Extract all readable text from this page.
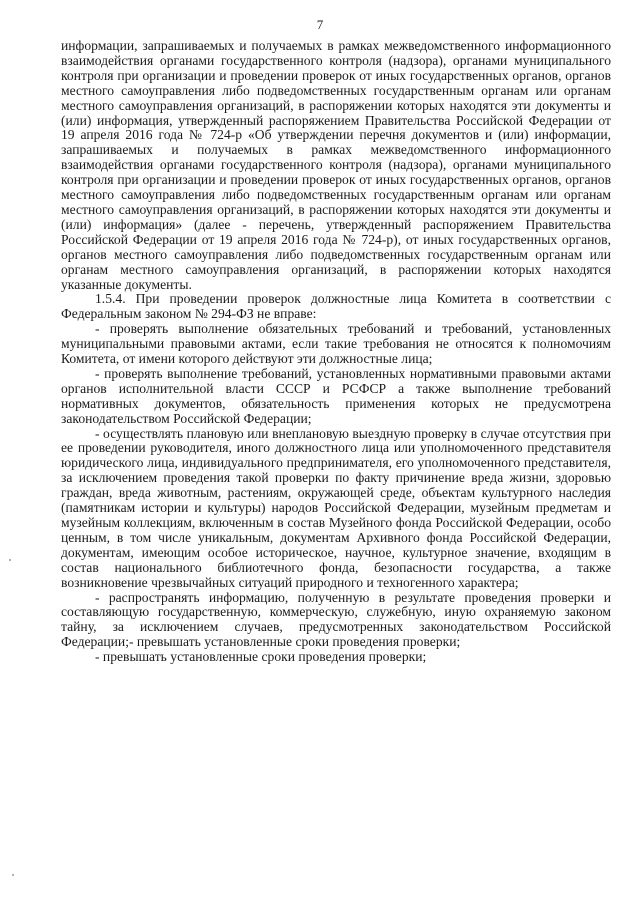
7

информации, запрашиваемых и получаемых в рамках межведомственного информационного взаимодействия органами государственного контроля (надзора), органами муниципального контроля при организации и проведении проверок от иных государственных органов, органов местного самоуправления либо подведомственных государственным органам или органам местного самоуправления организаций, в распоряжении которых находятся эти документы и (или) информация, утвержденный распоряжением Правительства Российской Федерации от 19 апреля 2016 года № 724-р «Об утверждении перечня документов и (или) информации, запрашиваемых и получаемых в рамках межведомственного информационного взаимодействия органами государственного контроля (надзора), органами муниципального контроля при организации и проведении проверок от иных государственных органов, органов местного самоуправления либо подведомственных государственным органам или органам местного самоуправления организаций, в распоряжении которых находятся эти документы и (или) информация» (далее - перечень, утвержденный распоряжением Правительства Российской Федерации от 19 апреля 2016 года № 724-р), от иных государственных органов, органов местного самоуправления либо подведомственных государственным органам или органам местного самоуправления организаций, в распоряжении которых находятся указанные документы.

1.5.4. При проведении проверок должностные лица Комитета в соответствии с Федеральным законом № 294-ФЗ не вправе:

- проверять выполнение обязательных требований и требований, установленных муниципальными правовыми актами, если такие требования не относятся к полномочиям Комитета, от имени которого действуют эти должностные лица;

- проверять выполнение требований, установленных нормативными правовыми актами органов исполнительной власти СССР и РСФСР а также выполнение требований нормативных документов, обязательность применения которых не предусмотрена законодательством Российской Федерации;

- осуществлять плановую или внеплановую выездную проверку в случае отсутствия при ее проведении руководителя, иного должностного лица или уполномоченного представителя юридического лица, индивидуального предпринимателя, его уполномоченного представителя, за исключением проведения такой проверки по факту причинение вреда жизни, здоровью граждан, вреда животным, растениям, окружающей среде, объектам культурного наследия (памятникам истории и культуры) народов Российской Федерации, музейным предметам и музейным коллекциям, включенным в состав Музейного фонда Российской Федерации, особо ценным, в том числе уникальным, документам Архивного фонда Российской Федерации, документам, имеющим особое историческое, научное, культурное значение, входящим в состав национального библиотечного фонда, безопасности государства, а также возникновение чрезвычайных ситуаций природного и техногенного характера;

- распространять информацию, полученную в результате проведения проверки и составляющую государственную, коммерческую, служебную, иную охраняемую законом тайну, за исключением случаев, предусмотренных законодательством Российской Федерации;- превышать установленные сроки проведения проверки;

- превышать установленные сроки проведения проверки;
